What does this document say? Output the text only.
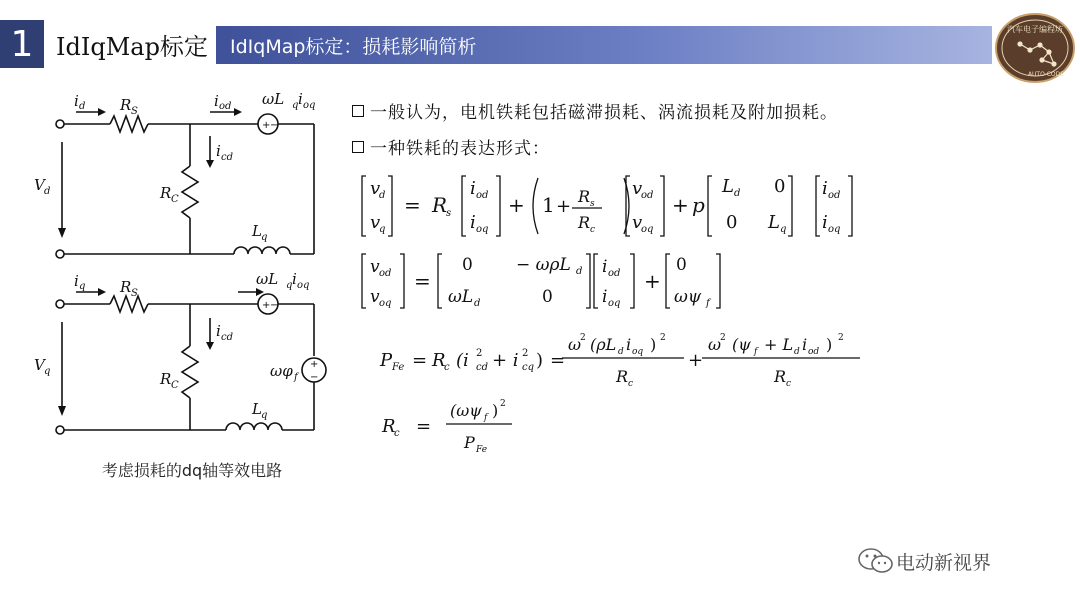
1 IdIqMap标定 IdIqMap标定：损耗影响简析
汽车电子编程坊
AUTO·CODE
+ −
i d R S
i od ωL q i oq
i cd
V d	R C
L q
+ −
+
−
i q R S
ωL q i oq
i cd
V q	R C
ωφ f
L q
考虑损耗的dq轴等效电路
一般认为，电机铁耗包括磁滞损耗、涡流损耗及附加损耗。
一种铁耗的表达形式：
v
d
v
q
= R
s
i od
i oq
+ 1 + R s
R c
v
od
v
oq
+ p
L d 0
0 L q
i od
i oq
v od
v oq
=
0	− ωρL d
ωL d	0
i od
i oq
+
0
ωψ f
P Fe = R
c (i cd
2 + i cq
2 ) =
ω
2 (ρL d i oq ) 2
R c
+
ω
2 (ψ f + L d i od ) 2
R c
R
c =
(ωψ f ) 2
P Fe
电动新视界
